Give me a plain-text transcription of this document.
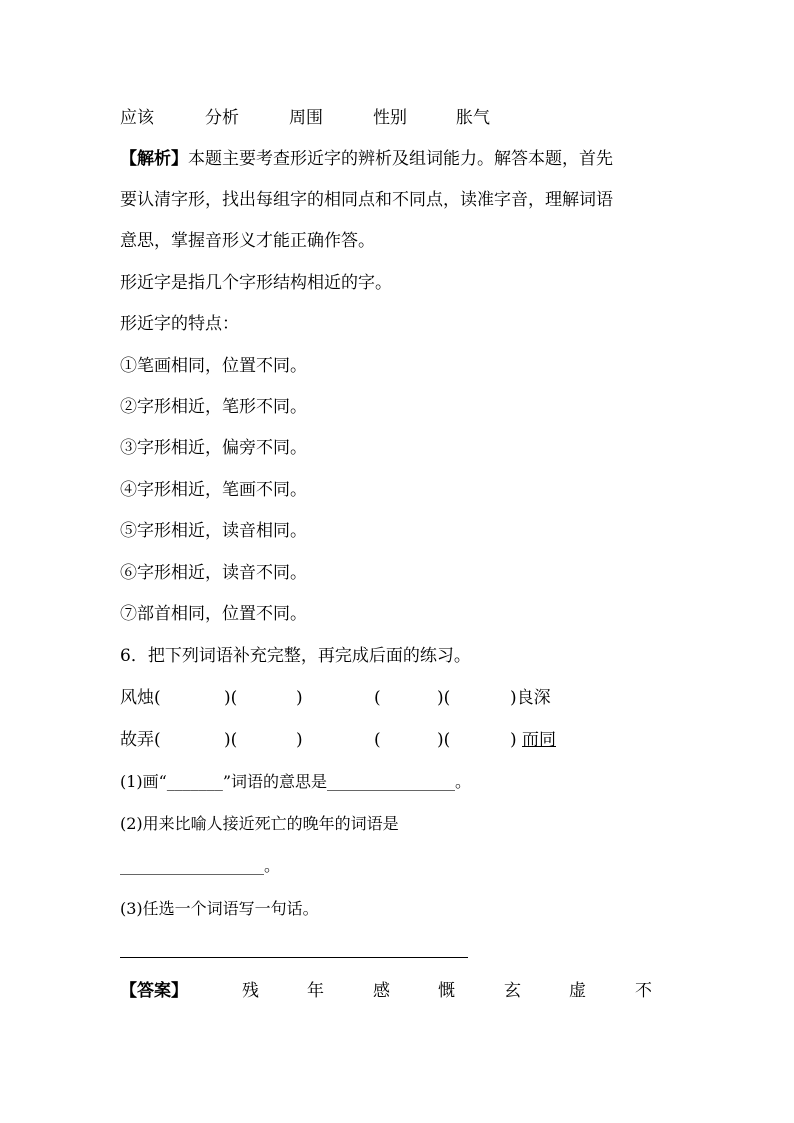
应该	分析	周围	性别	胀气
【解析】本题主要考查形近字的辨析及组词能力。解答本题，首先
要认清字形，找出每组字的相同点和不同点，读准字音，理解词语
意思，掌握音形义才能正确作答。
形近字是指几个字形结构相近的字。
形近字的特点：
①笔画相同，位置不同。
②字形相近，笔形不同。
③字形相近，偏旁不同。
④字形相近，笔画不同。
⑤字形相近，读音相同。
⑥字形相近，读音不同。
⑦部首相同，位置不同。
6．把下列词语补充完整，再完成后面的练习。
风烛(	)(	)	(	)(	)良深
故弄(	)(	)	(	)(	) 而同
(1)画“_______”词语的意思是________________。
(2)用来比喻人接近死亡的晚年的词语是
__________________。
(3)任选一个词语写一句话。
【答案】	残	年	感	慨	玄	虚	不
